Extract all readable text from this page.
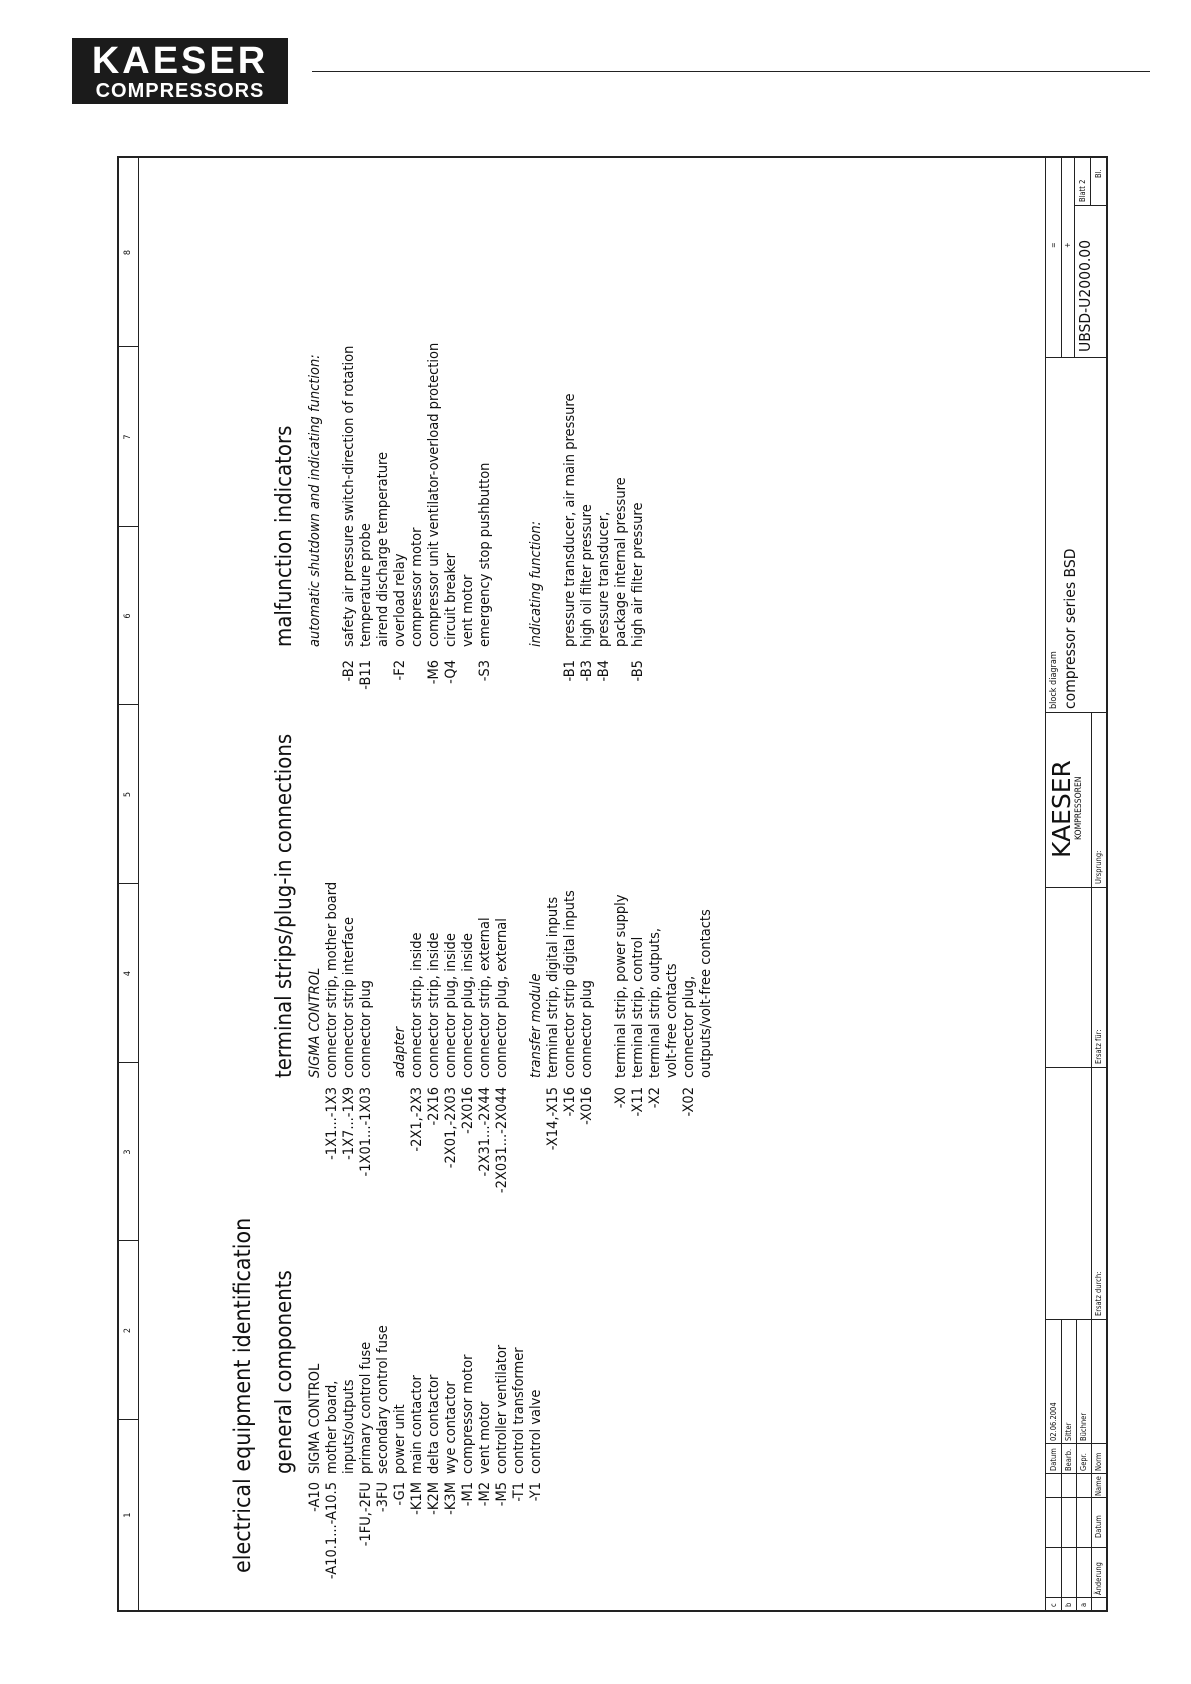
KAESER
COMPRESSORS
1
2
3
4
5
6
7
8
electrical equipment identification general components
terminal strips/plug-in connections
malfunction indicators
c b a
Änderung
Datum
Name
Datum
02.06.2004
Bearb.
Sitter
Gepr.
Büchner
Norm
Ersatz durch:
Ersatz für:
KAESER
KOMPRESSOREN
Ursprung:
block diagram compressor series BSD
= + UBSD-U2000.00
Blatt 2
Bl.
SIGMA CONTROL
-A10
mother board,
-A10.1...-A10.5
inputs/outputs primary control fuse
-1FU,-2FU
secondary control fuse
-3FU
power unit
-G1
main contactor
-K1M
delta contactor
-K2M
wye contactor
-K3M
compressor motor
-M1
vent motor
-M2
controller ventilator
-M5
control transformer
-T1
control valve
-Y1
SIGMA CONTROL connector strip, mother board
-1X1...-1X3
connector strip interface
-1X7...-1X9
connector plug
-1X01...-1X03
adapter connector strip, inside
-2X1,-2X3
connector strip, inside
-2X16
connector plug, inside
-2X01,-2X03
connector plug, inside
-2X016
connector strip, external
-2X31...-2X44
connector plug, external
-2X031...-2X044
transfer module terminal strip, digital inputs
-X14,-X15
connector strip digital inputs
-X16
connector plug
-X016
terminal strip, power supply
-X0
terminal strip, control
-X11
terminal strip, outputs,
-X2
volt-free contacts connector plug,
-X02
outputs/volt-free contacts
automatic shutdown and indicating function: safety air pressure switch-direction of rotation
-B2
temperature probe
-B11
airend discharge temperature overload relay
-F2
compressor motor compressor unit ventilator-overload protection
-M6
circuit breaker
-Q4
vent motor emergency stop pushbutton
-S3
indicating function: pressure transducer, air main pressure
-B1
high oil filter pressure
-B3
pressure transducer,
-B4
package internal pressure high air filter pressure
-B5
